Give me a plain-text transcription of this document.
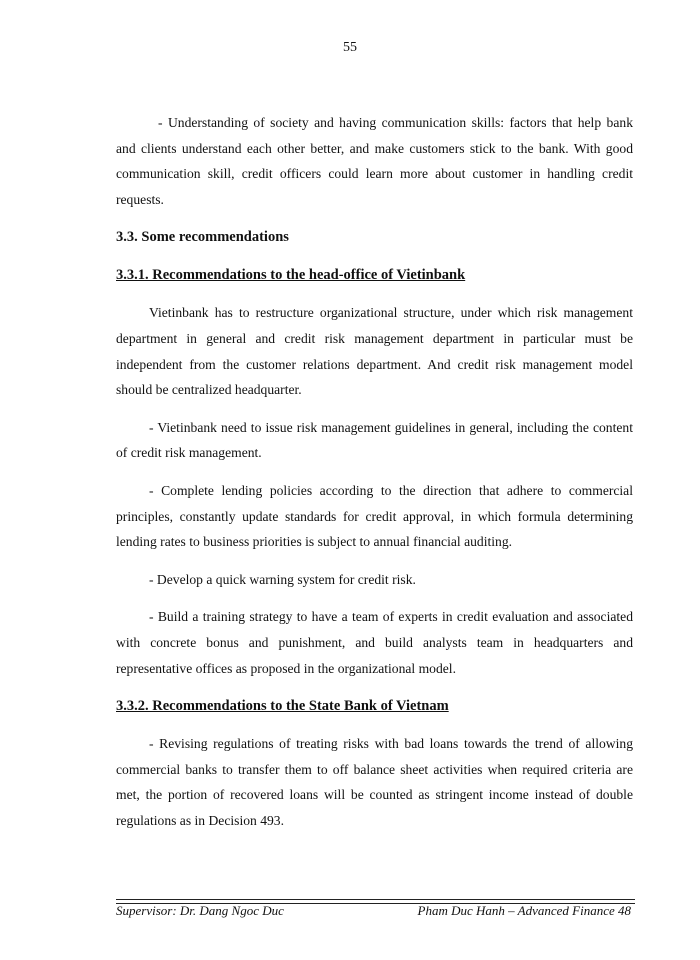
55

- Understanding of society and having communication skills: factors that help bank and clients understand each other better, and make customers stick to the bank. With good communication skill, credit officers could learn more about customer in handling credit requests.

3.3. Some recommendations
3.3.1. Recommendations to the head-office of Vietinbank

Vietinbank has to restructure organizational structure, under which risk management department in general and credit risk management department in particular must be independent from the customer relations department. And credit risk management model should be centralized headquarter.

- Vietinbank need to issue risk management guidelines in general, including the content of credit risk management.

- Complete lending policies according to the direction that adhere to commercial principles, constantly update standards for credit approval, in which formula determining lending rates to business priorities is subject to annual financial auditing.

- Develop a quick warning system for credit risk.

- Build a training strategy to have a team of experts in credit evaluation and associated with concrete bonus and punishment, and build analysts team in headquarters and representative offices as proposed in the organizational model.

3.3.2. Recommendations to the State Bank of Vietnam

- Revising regulations of treating risks with bad loans towards the trend of allowing commercial banks to transfer them to off balance sheet activities when required criteria are met, the portion of recovered loans will be counted as stringent income instead of double regulations as in Decision 493.

Supervisor: Dr. Dang Ngoc Duc	Pham Duc Hanh – Advanced Finance 48
